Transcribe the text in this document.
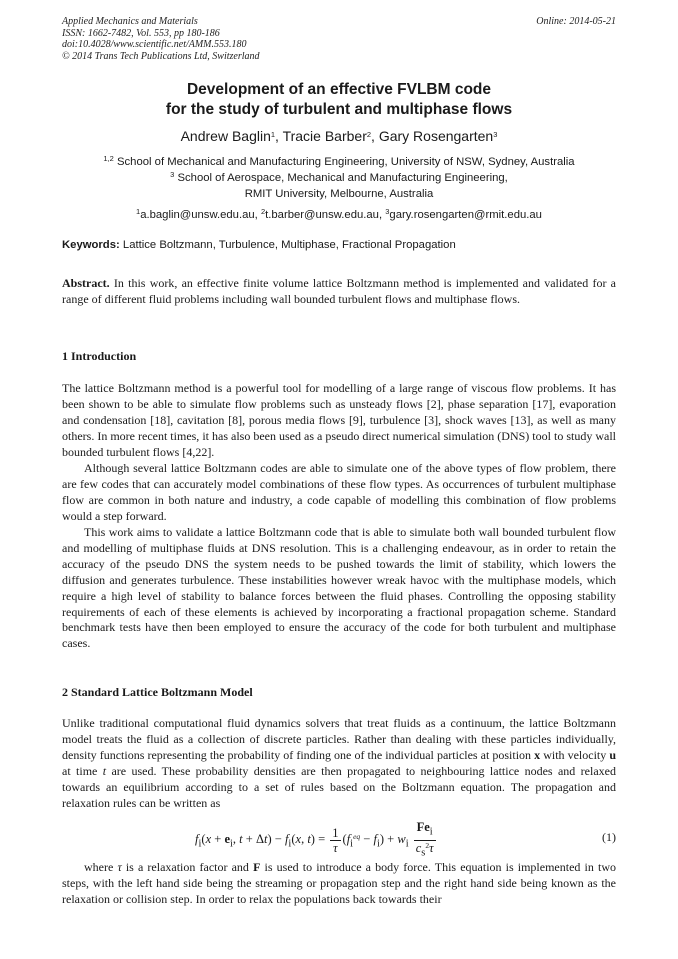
Applied Mechanics and Materials
ISSN: 1662-7482, Vol. 553, pp 180-186
doi:10.4028/www.scientific.net/AMM.553.180
© 2014 Trans Tech Publications Ltd, Switzerland
Online: 2014-05-21
Development of an effective FVLBM code
for the study of turbulent and multiphase flows
Andrew Baglin$^1$, Tracie Barber$^2$, Gary Rosengarten$^3$
$^{1,2}$ School of Mechanical and Manufacturing Engineering, University of NSW, Sydney, Australia
$^3$ School of Aerospace, Mechanical and Manufacturing Engineering,
RMIT University, Melbourne, Australia
$^1$a.baglin@unsw.edu.au, $^2$t.barber@unsw.edu.au, $^3$gary.rosengarten@rmit.edu.au
Keywords: Lattice Boltzmann, Turbulence, Multiphase, Fractional Propagation
Abstract. In this work, an effective finite volume lattice Boltzmann method is implemented and validated for a range of different fluid problems including wall bounded turbulent flows and multiphase flows.
1 Introduction
The lattice Boltzmann method is a powerful tool for modelling of a large range of viscous flow problems. It has been shown to be able to simulate flow problems such as unsteady flows [2], phase separation [17], evaporation and condensation [18], cavitation [8], porous media flows [9], turbulence [3], shock waves [13], as well as many others. In more recent times, it has also been used as a pseudo direct numerical simulation (DNS) tool to study wall bounded turbulent flows [4,22].
Although several lattice Boltzmann codes are able to simulate one of the above types of flow problem, there are few codes that can accurately model combinations of these flow types. As occurrences of turbulent multiphase flow are common in both nature and industry, a code capable of modelling this combination of flow problems would a step forward.
This work aims to validate a lattice Boltzmann code that is able to simulate both wall bounded turbulent flow and modelling of multiphase fluids at DNS resolution. This is a challenging endeavour, as in order to retain the accuracy of the pseudo DNS the system needs to be pushed towards the limit of stability, which lowers the diffusion and generates turbulence. These instabilities however wreak havoc with the multiphase models, which require a high level of stability to balance forces between the fluid phases. Controlling the opposing stability requirements of each of these elements is achieved by incorporating a fractional propagation scheme. Standard benchmark tests have then been employed to ensure the accuracy of the code for both turbulent and multiphase cases.
2 Standard Lattice Boltzmann Model
Unlike traditional computational fluid dynamics solvers that treat fluids as a continuum, the lattice Boltzmann model treats the fluid as a collection of discrete particles. Rather than dealing with these particles individually, density functions representing the probability of finding one of the individual particles at position x with velocity u at time t are used. These probability densities are then propagated to neighbouring lattice nodes and relaxed towards an equilibrium according to a set of rules based on the Boltzmann equation. The propagation and relaxation rules can be written as
$f_i(x + e_i$, $t + \Delta t) - f_i(x$, $t) = \frac{1}{\tau} (f_i^{eq} - f_i) + w_i \frac{Fe_i}{c_s^2\tau}$	(1)
where τ is a relaxation factor and F is used to introduce a body force. This equation is implemented in two steps, with the left hand side being the streaming or propagation step and the right hand side being known as the relaxation or collision step. In order to relax the populations back towards their
